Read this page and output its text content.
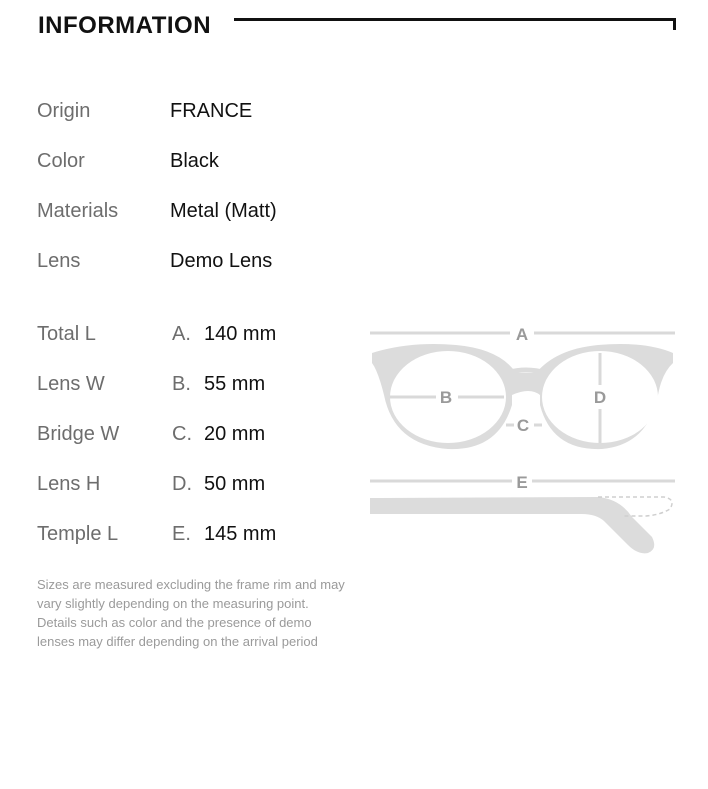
INFORMATION
Origin	FRANCE
Color	Black
Materials	Metal (Matt)
Lens	Demo Lens
Total L	A. 140 mm
Lens W	B. 55 mm
Bridge W	C. 20 mm
Lens H	D. 50 mm
Temple L	E. 145 mm
A
B
C
D
E

Sizes are measured excluding the frame rim and may

vary slightly depending on the measuring point.

Details such as color and the presence of demo

lenses may differ depending on the arrival period
